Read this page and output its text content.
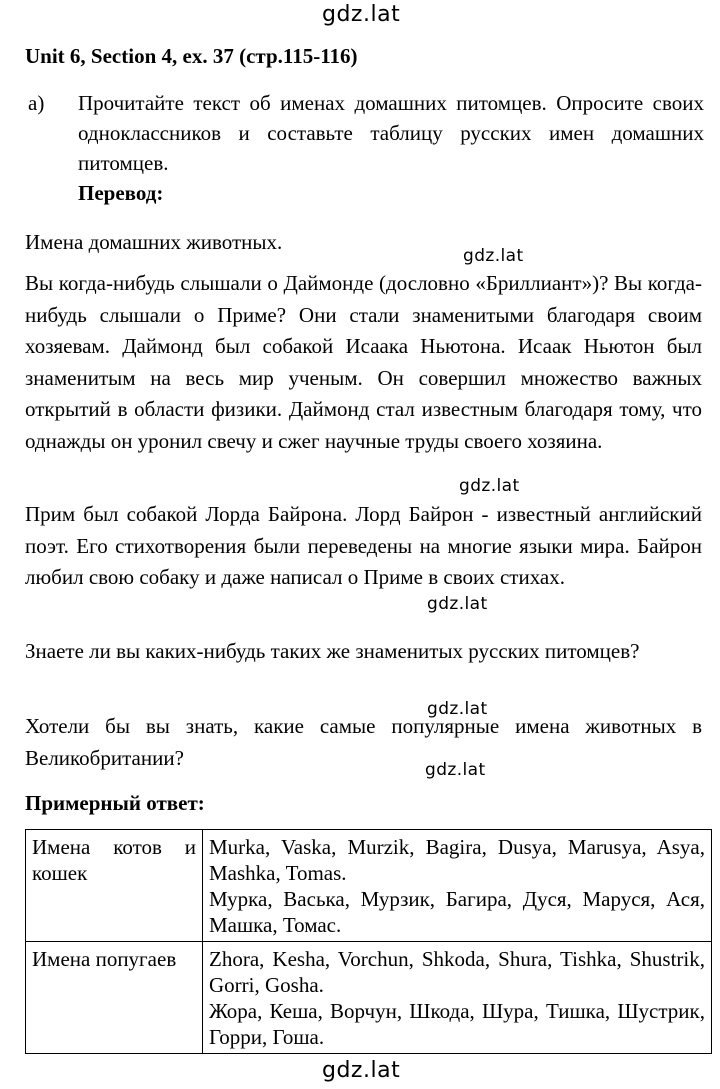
gdz.lat
Unit 6, Section 4, ex. 37 (стр.115-116)
а) Прочитайте текст об именах домашних питомцев. Опросите своих одноклассников и составьте таблицу русских имен домашних питомцев.
Перевод:

Имена домашних животных.

gdz.lat

Вы когда-нибудь слышали о Даймонде (дословно «Бриллиант»)? Вы когда-нибудь слышали о Приме? Они стали знаменитыми благодаря своим хозяевам. Даймонд был собакой Исаака Ньютона. Исаак Ньютон был знаменитым на весь мир ученым. Он совершил множество важных открытий в области физики. Даймонд стал известным благодаря тому, что однажды он уронил свечу и сжег научные труды своего хозяина.

gdz.lat

Прим был собакой Лорда Байрона. Лорд Байрон - известный английский поэт. Его стихотворения были переведены на многие языки мира. Байрон любил свою собаку и даже написал о Приме в своих стихах.

gdz.lat

Знаете ли вы каких-нибудь таких же знаменитых русских питомцев?

gdz.lat

Хотели бы вы знать, какие самые популярные имена животных в Великобритании?

gdz.lat
Примерный ответ:
Имена котов и кошек	Murka, Vaska, Murzik, Bagira, Dusya, Marusya, Asya, Mashka, Tomas.
Мурка, Васька, Мурзик, Багира, Дуся, Маруся, Ася, Машка, Томас.

Имена попугаев	Zhora, Kesha, Vorchun, Shkoda, Shura, Tishka, Shustrik, Gorri, Gosha.
Жора, Кеша, Ворчун, Шкода, Шура, Тишка, Шустрик, Горри, Гоша.
gdz.lat
